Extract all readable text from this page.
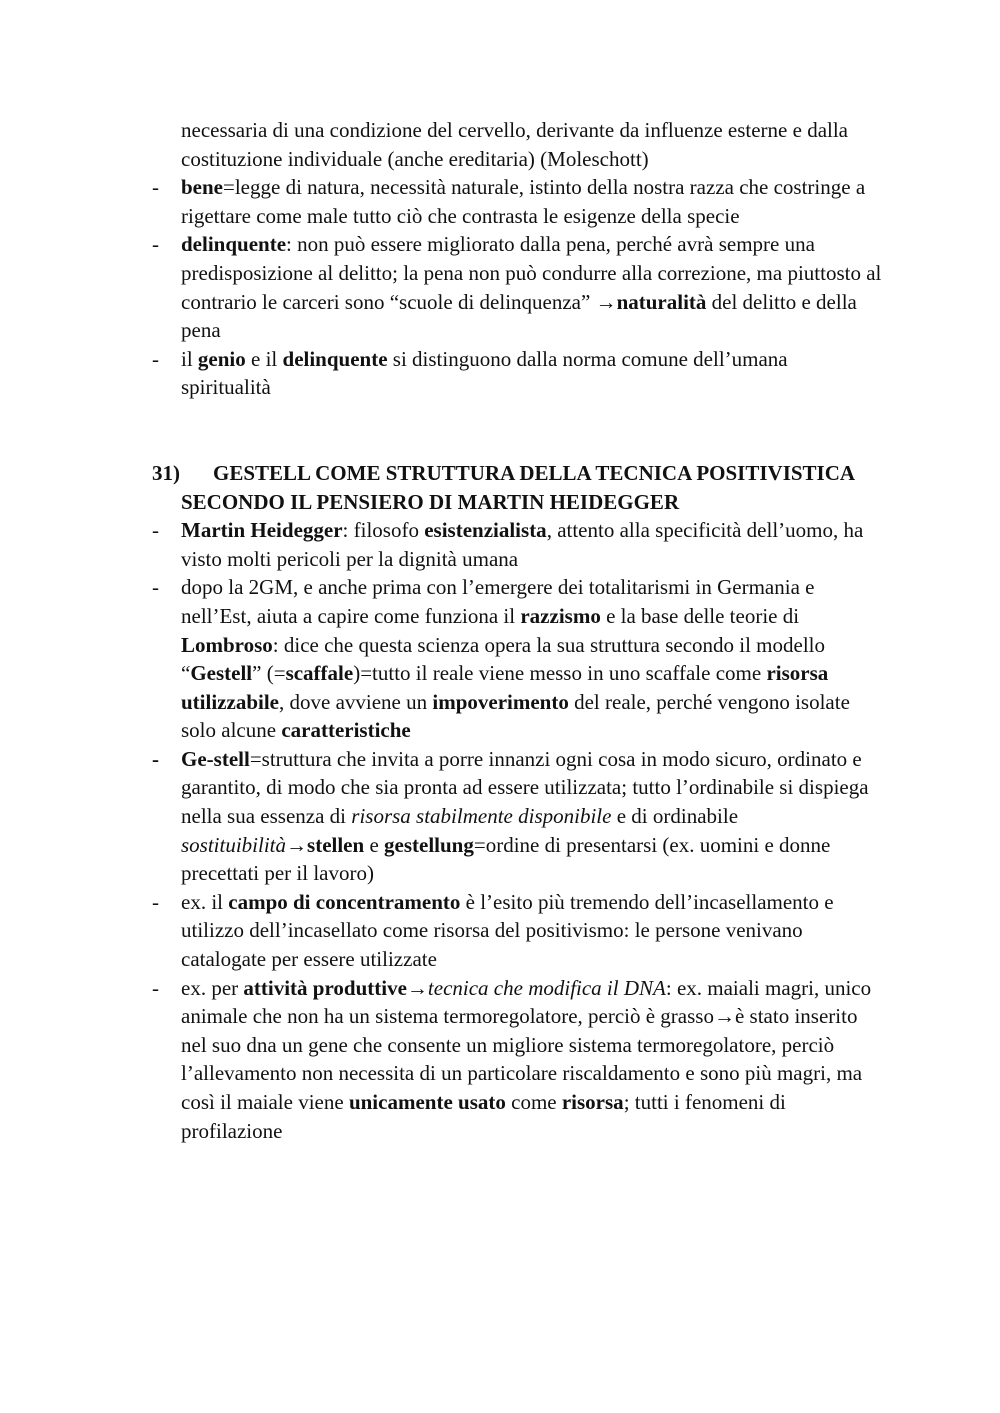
necessaria di una condizione del cervello, derivante da influenze esterne e dalla costituzione individuale (anche ereditaria) (Moleschott)

- bene=legge di natura, necessità naturale, istinto della nostra razza che costringe a rigettare come male tutto ciò che contrasta le esigenze della specie
- delinquente: non può essere migliorato dalla pena, perché avrà sempre una predisposizione al delitto; la pena non può condurre alla correzione, ma piuttosto al contrario le carceri sono “scuole di delinquenza” →naturalità del delitto e della pena
- il genio e il delinquente si distinguono dalla norma comune dell’umana spiritualità
31) GESTELL COME STRUTTURA DELLA TECNICA POSITIVISTICA SECONDO IL PENSIERO DI MARTIN HEIDEGGER
- Martin Heidegger: filosofo esistenzialista, attento alla specificità dell’uomo, ha visto molti pericoli per la dignità umana
- dopo la 2GM, e anche prima con l’emergere dei totalitarismi in Germania e nell’Est, aiuta a capire come funziona il razzismo e la base delle teorie di Lombroso: dice che questa scienza opera la sua struttura secondo il modello “Gestell” (=scaffale)=tutto il reale viene messo in uno scaffale come risorsa utilizzabile, dove avviene un impoverimento del reale, perché vengono isolate solo alcune caratteristiche
- Ge-stell=struttura che invita a porre innanzi ogni cosa in modo sicuro, ordinato e garantito, di modo che sia pronta ad essere utilizzata; tutto l’ordinabile si dispiega nella sua essenza di risorsa stabilmente disponibile e di ordinabile sostituibilità→stellen e gestellung=ordine di presentarsi (ex. uomini e donne precettati per il lavoro)
- ex. il campo di concentramento è l’esito più tremendo dell’incasellamento e utilizzo dell’incasellato come risorsa del positivismo: le persone venivano catalogate per essere utilizzate
- ex. per attività produttive→tecnica che modifica il DNA: ex. maiali magri, unico animale che non ha un sistema termoregolatore, perciò è grasso→è stato inserito nel suo dna un gene che consente un migliore sistema termoregolatore, perciò l’allevamento non necessita di un particolare riscaldamento e sono più magri, ma così il maiale viene unicamente usato come risorsa; tutti i fenomeni di profilazione
